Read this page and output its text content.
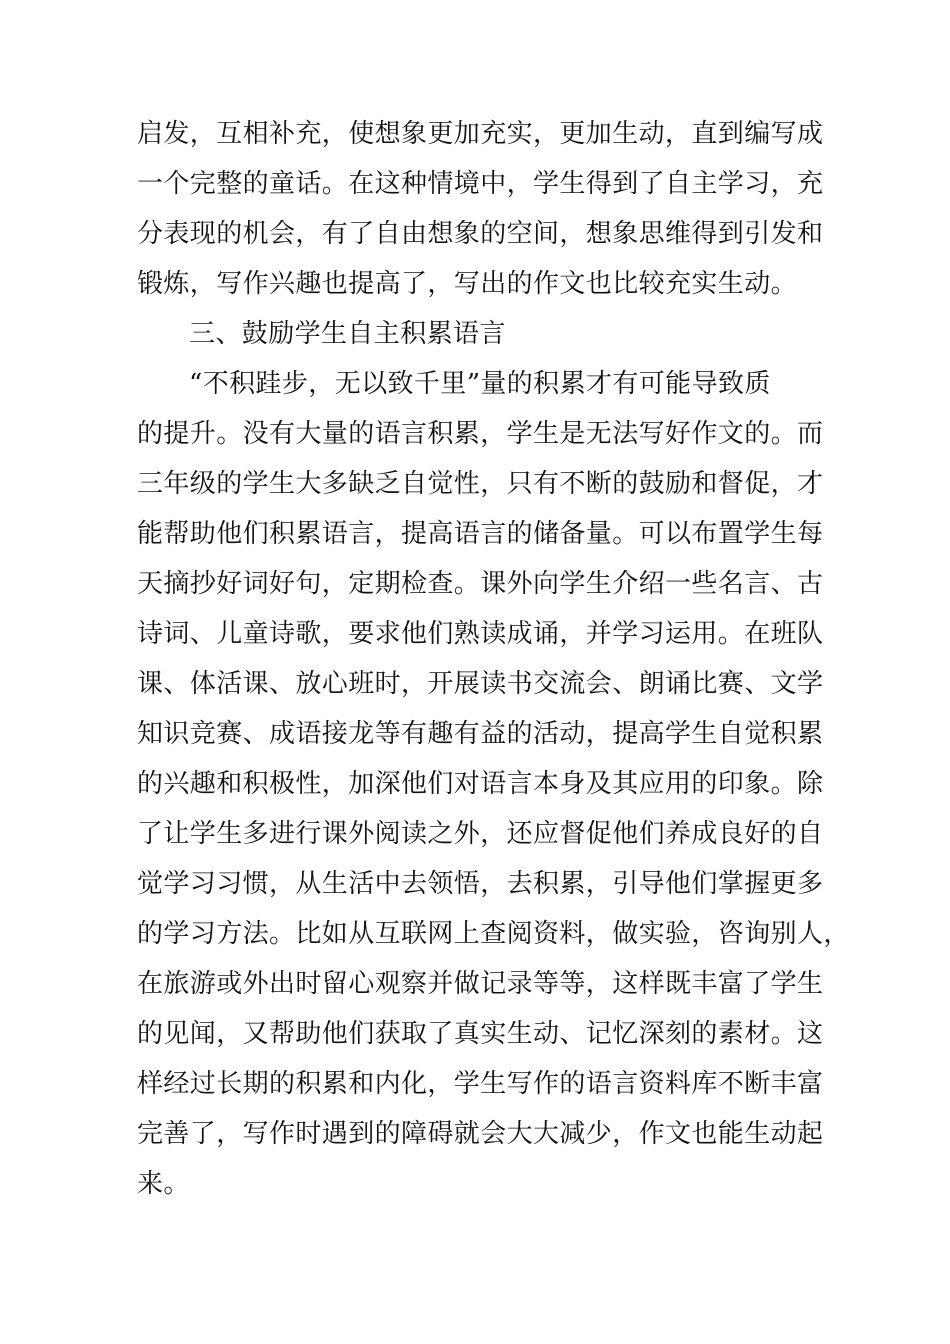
启发，互相补充，使想象更加充实，更加生动，直到编写成
一个完整的童话。在这种情境中，学生得到了自主学习，充
分表现的机会，有了自由想象的空间，想象思维得到引发和
锻炼，写作兴趣也提高了，写出的作文也比较充实生动。
三、鼓励学生自主积累语言
“不积跬步，无以致千里”量的积累才有可能导致质
的提升。没有大量的语言积累，学生是无法写好作文的。而
三年级的学生大多缺乏自觉性，只有不断的鼓励和督促，才
能帮助他们积累语言，提高语言的储备量。可以布置学生每
天摘抄好词好句，定期检查。课外向学生介绍一些名言、古
诗词、儿童诗歌，要求他们熟读成诵，并学习运用。在班队
课、体活课、放心班时，开展读书交流会、朗诵比赛、文学
知识竞赛、成语接龙等有趣有益的活动，提高学生自觉积累
的兴趣和积极性，加深他们对语言本身及其应用的印象。除
了让学生多进行课外阅读之外，还应督促他们养成良好的自
觉学习习惯，从生活中去领悟，去积累，引导他们掌握更多
的学习方法。比如从互联网上查阅资料，做实验，咨询别人，
在旅游或外出时留心观察并做记录等等，这样既丰富了学生
的见闻，又帮助他们获取了真实生动、记忆深刻的素材。这
样经过长期的积累和内化，学生写作的语言资料库不断丰富
完善了，写作时遇到的障碍就会大大减少，作文也能生动起
来。
